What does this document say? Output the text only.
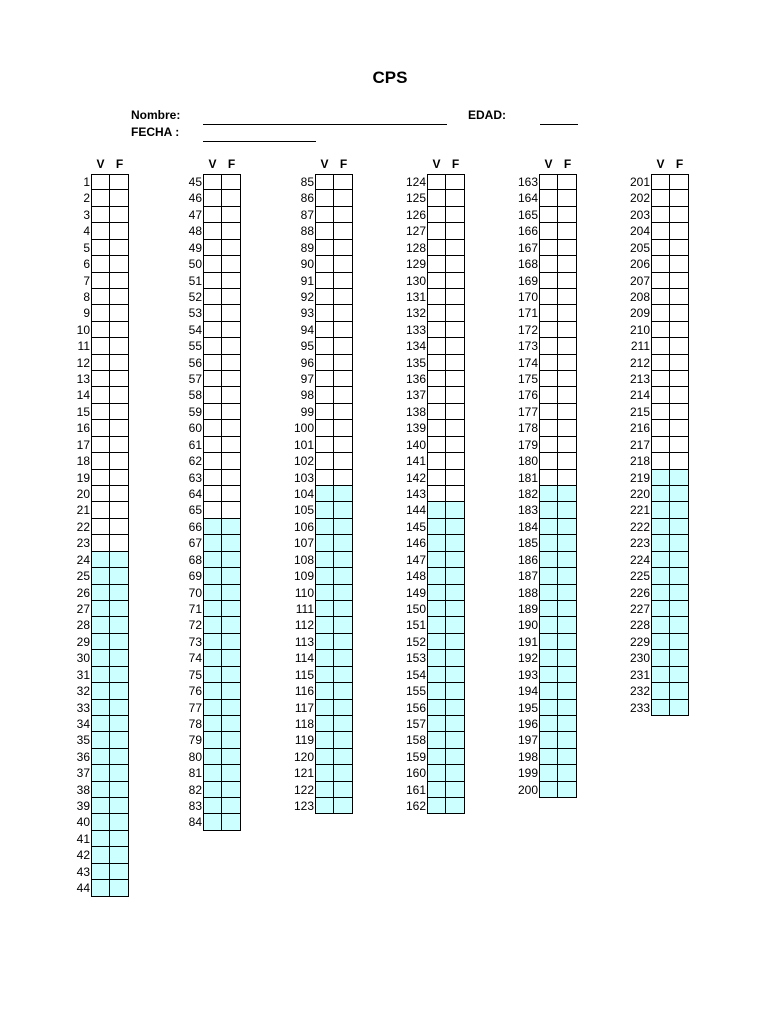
CPS
Nombre:	EDAD:
FECHA :
V F
1
2
3
4
5
6
7
8
9
10
11
12
13
14
15
16
17
18
19
20
21
22
23
24
25
26
27
28
29
30
31
32
33
34
35
36
37
38
39
40
41
42
43
44
V F
45
46
47
48
49
50
51
52
53
54
55
56
57
58
59
60
61
62
63
64
65
66
67
68
69
70
71
72
73
74
75
76
77
78
79
80
81
82
83
84
V F
85
86
87
88
89
90
91
92
93
94
95
96
97
98
99
100
101
102
103
104
105
106
107
108
109
110
111
112
113
114
115
116
117
118
119
120
121
122
123
V F
124
125
126
127
128
129
130
131
132
133
134
135
136
137
138
139
140
141
142
143
144
145
146
147
148
149
150
151
152
153
154
155
156
157
158
159
160
161
162
V F
163
164
165
166
167
168
169
170
171
172
173
174
175
176
177
178
179
180
181
182
183
184
185
186
187
188
189
190
191
192
193
194
195
196
197
198
199
200
V F
201
202
203
204
205
206
207
208
209
210
211
212
213
214
215
216
217
218
219
220
221
222
223
224
225
226
227
228
229
230
231
232
233
